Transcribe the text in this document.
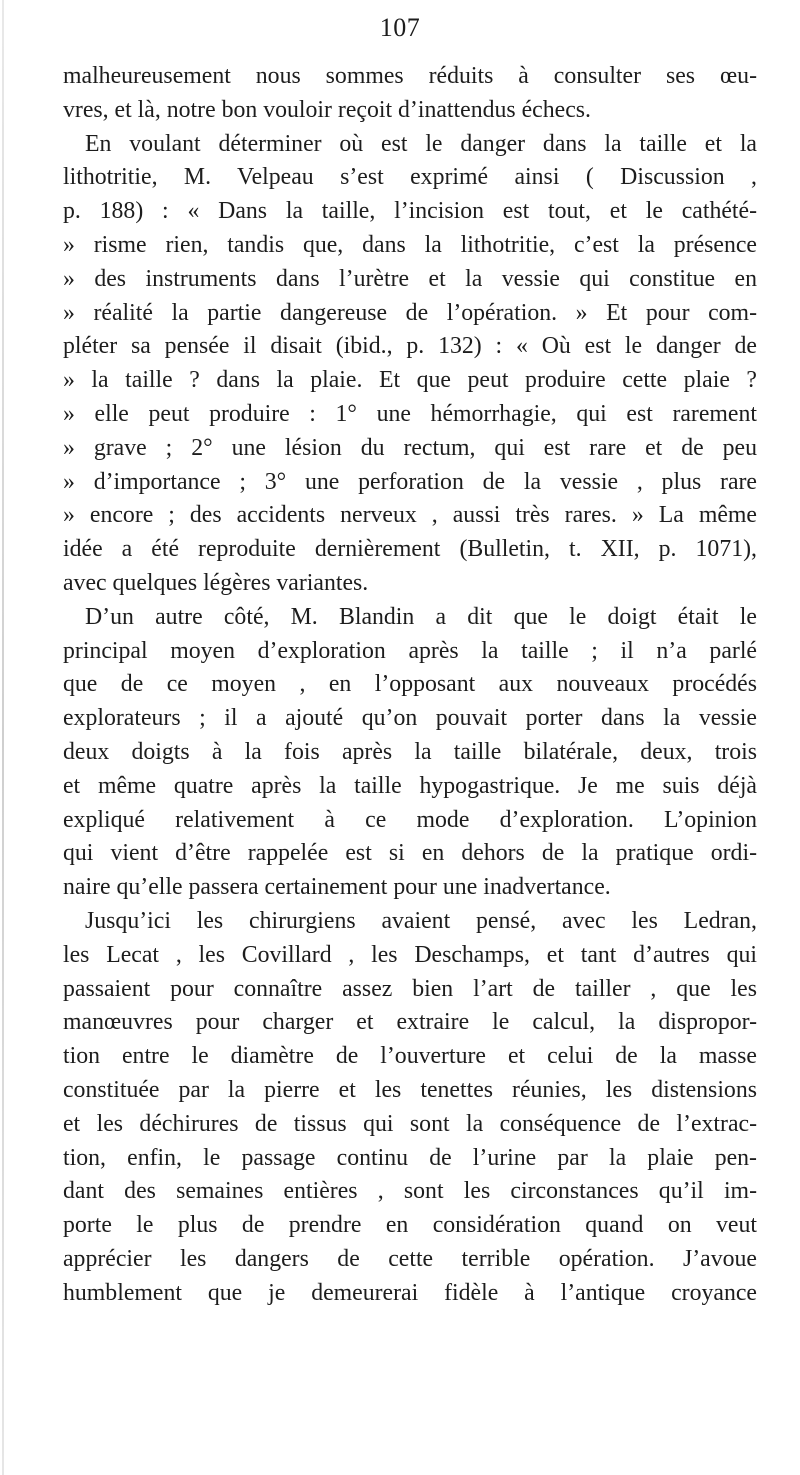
107
malheureusement nous sommes réduits à consulter ses œu-
vres, et là, notre bon vouloir reçoit d’inattendus échecs.
En voulant déterminer où est le danger dans la taille et la
lithotritie, M. Velpeau s’est exprimé ainsi ( Discussion ,
p. 188) : « Dans la taille, l’incision est tout, et le cathété-
» risme rien, tandis que, dans la lithotritie, c’est la présence
» des instruments dans l’urètre et la vessie qui constitue en
» réalité la partie dangereuse de l’opération. » Et pour com-
pléter sa pensée il disait (ibid., p. 132) : « Où est le danger de
» la taille ? dans la plaie. Et que peut produire cette plaie ?
» elle peut produire : 1° une hémorrhagie, qui est rarement
» grave ; 2° une lésion du rectum, qui est rare et de peu
» d’importance ; 3° une perforation de la vessie , plus rare
» encore ; des accidents nerveux , aussi très rares. » La même
idée a été reproduite dernièrement (Bulletin, t. XII, p. 1071),
avec quelques légères variantes.
D’un autre côté, M. Blandin a dit que le doigt était le
principal moyen d’exploration après la taille ; il n’a parlé
que de ce moyen , en l’opposant aux nouveaux procédés
explorateurs ; il a ajouté qu’on pouvait porter dans la vessie
deux doigts à la fois après la taille bilatérale, deux, trois
et même quatre après la taille hypogastrique. Je me suis déjà
expliqué relativement à ce mode d’exploration. L’opinion
qui vient d’être rappelée est si en dehors de la pratique ordi-
naire qu’elle passera certainement pour une inadvertance.
Jusqu’ici les chirurgiens avaient pensé, avec les Ledran,
les Lecat , les Covillard , les Deschamps, et tant d’autres qui
passaient pour connaître assez bien l’art de tailler , que les
manœuvres pour charger et extraire le calcul, la dispropor-
tion entre le diamètre de l’ouverture et celui de la masse
constituée par la pierre et les tenettes réunies, les distensions
et les déchirures de tissus qui sont la conséquence de l’extrac-
tion, enfin, le passage continu de l’urine par la plaie pen-
dant des semaines entières , sont les circonstances qu’il im-
porte le plus de prendre en considération quand on veut
apprécier les dangers de cette terrible opération. J’avoue
humblement que je demeurerai fidèle à l’antique croyance
